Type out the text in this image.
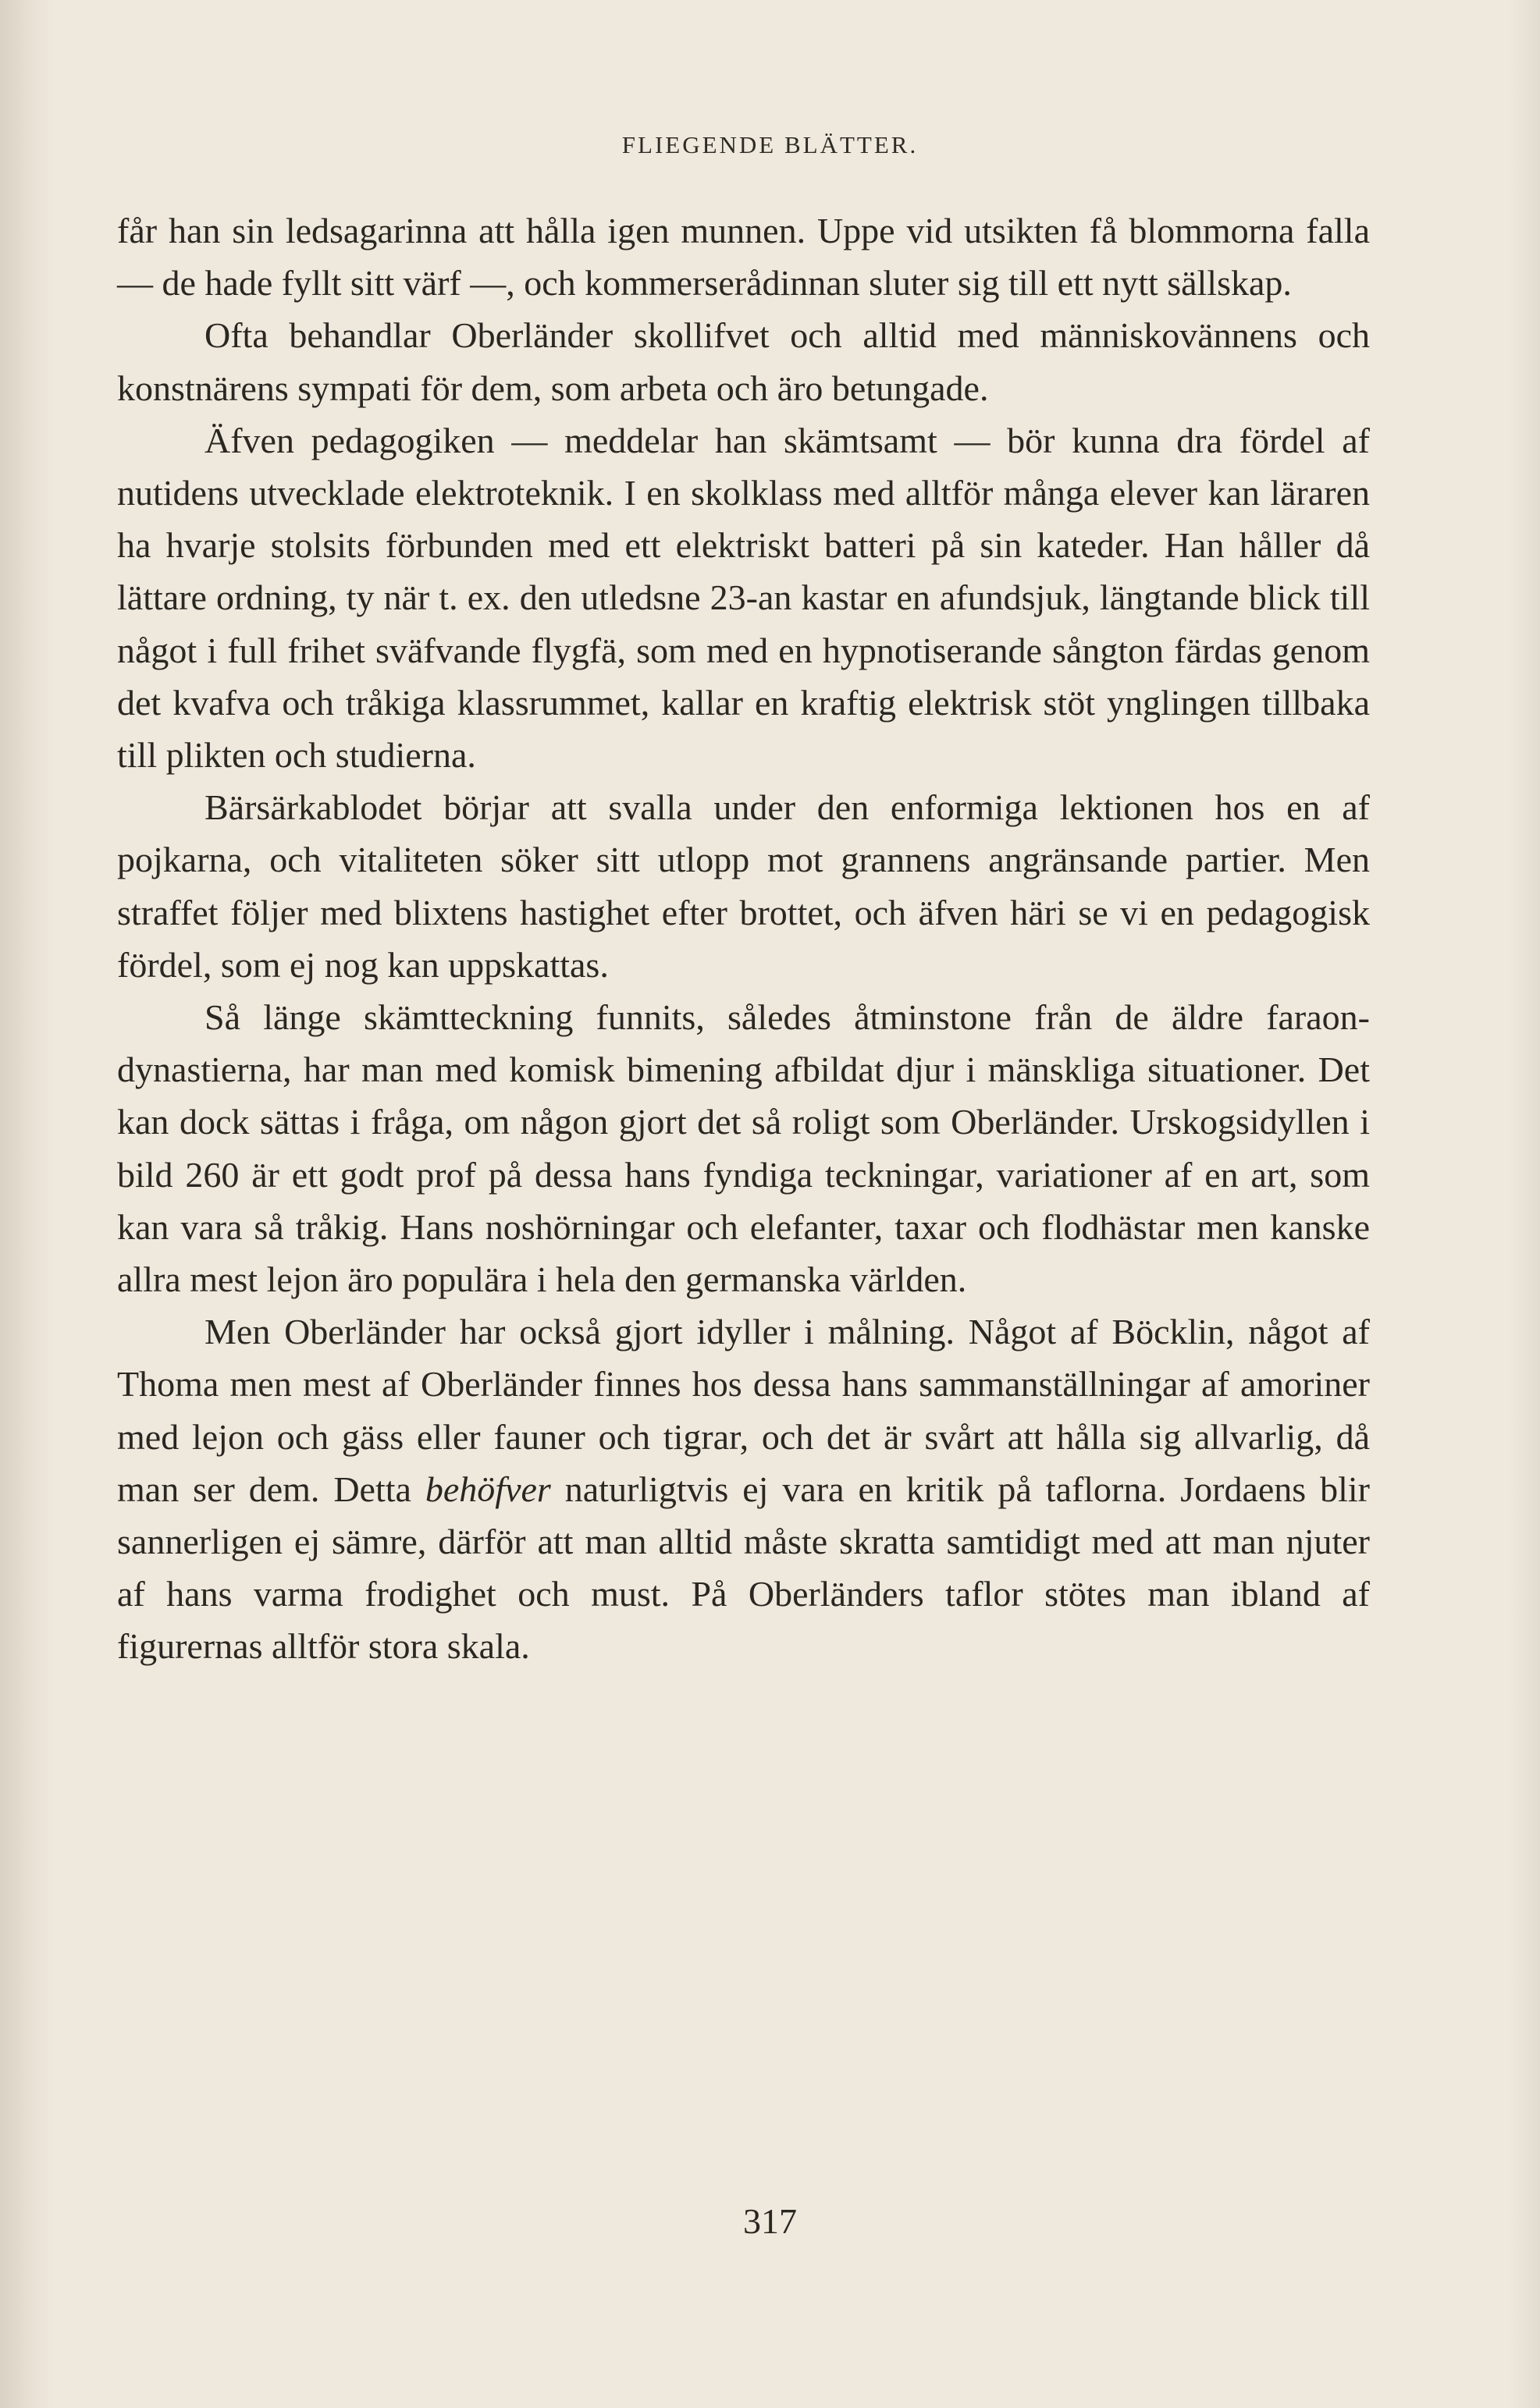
FLIEGENDE BLÄTTER.

får han sin ledsagarinna att hålla igen munnen. Uppe vid utsikten få blommorna falla — de hade fyllt sitt värf —, och kommerserådinnan sluter sig till ett nytt sällskap.

Ofta behandlar Oberländer skollifvet och alltid med människovännens och konstnärens sympati för dem, som arbeta och äro betungade.

Äfven pedagogiken — meddelar han skämtsamt — bör kunna dra fördel af nutidens utvecklade elektroteknik. I en skolklass med alltför många elever kan läraren ha hvarje stolsits förbunden med ett elektriskt batteri på sin kateder. Han håller då lättare ordning, ty när t. ex. den utledsne 23-an kastar en afundsjuk, längtande blick till något i full frihet sväfvande flygfä, som med en hypnotiserande sångton färdas genom det kvafva och tråkiga klassrummet, kallar en kraftig elektrisk stöt ynglingen tillbaka till plikten och studierna.

Bärsärkablodet börjar att svalla under den enformiga lektionen hos en af pojkarna, och vitaliteten söker sitt utlopp mot grannens angränsande partier. Men straffet följer med blixtens hastighet efter brottet, och äfven häri se vi en pedagogisk fördel, som ej nog kan uppskattas.

Så länge skämtteckning funnits, således åtminstone från de äldre faraon-dynastierna, har man med komisk bimening afbildat djur i mänskliga situationer. Det kan dock sättas i fråga, om någon gjort det så roligt som Oberländer. Urskogsidyllen i bild 260 är ett godt prof på dessa hans fyndiga teckningar, variationer af en art, som kan vara så tråkig. Hans noshörningar och elefanter, taxar och flodhästar men kanske allra mest lejon äro populära i hela den germanska världen.

Men Oberländer har också gjort idyller i målning. Något af Böcklin, något af Thoma men mest af Oberländer finnes hos dessa hans sammanställningar af amoriner med lejon och gäss eller fauner och tigrar, och det är svårt att hålla sig allvarlig, då man ser dem. Detta behöfver naturligtvis ej vara en kritik på taflorna. Jordaens blir sannerligen ej sämre, därför att man alltid måste skratta samtidigt med att man njuter af hans varma frodighet och must. På Oberländers taflor stötes man ibland af figurernas alltför stora skala.

317
